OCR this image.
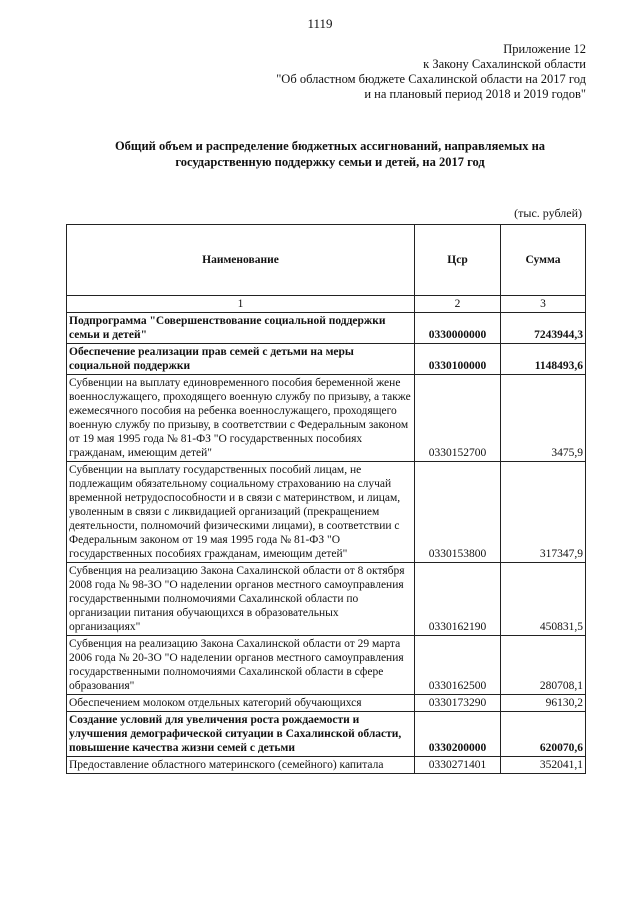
1119
Приложение 12
к Закону Сахалинской области
"Об областном бюджете Сахалинской области на 2017 год
и на плановый период 2018 и 2019 годов"
Общий объем и распределение бюджетных ассигнований, направляемых на
государственную поддержку семьи и детей, на 2017 год
(тыс. рублей)
Наименование	Цср	Сумма
1	2	3
Подпрограмма "Совершенствование социальной поддержки семьи и детей"	0330000000	7243944,3
Обеспечение реализации прав семей с детьми на меры социальной поддержки	0330100000	1148493,6
Субвенции на выплату единовременного пособия беременной жене военнослужащего, проходящего военную службу по призыву, а также ежемесячного пособия на ребенка военнослужащего, проходящего военную службу по призыву, в соответствии с Федеральным законом от 19 мая 1995 года № 81-ФЗ "О государственных пособиях гражданам, имеющим детей"	0330152700	3475,9
Субвенции на выплату государственных пособий лицам, не подлежащим обязательному социальному страхованию на случай временной нетрудоспособности и в связи с материнством, и лицам, уволенным в связи с ликвидацией организаций (прекращением деятельности, полномочий физическими лицами), в соответствии с Федеральным законом от 19 мая 1995 года № 81-ФЗ "О государственных пособиях гражданам, имеющим детей"	0330153800	317347,9
Субвенция на реализацию Закона Сахалинской области от 8 октября 2008 года № 98-ЗО "О наделении органов местного самоуправления государственными полномочиями Сахалинской области по организации питания обучающихся в образовательных организациях"	0330162190	450831,5
Субвенция на реализацию Закона Сахалинской области от 29 марта 2006 года № 20-ЗО "О наделении органов местного самоуправления государственными полномочиями Сахалинской области в сфере образования"	0330162500	280708,1
Обеспечением молоком отдельных категорий обучающихся	0330173290	96130,2
Создание условий для увеличения роста рождаемости и улучшения демографической ситуации в Сахалинской области, повышение качества жизни семей с детьми	0330200000	620070,6
Предоставление областного материнского (семейного) капитала	0330271401	352041,1
